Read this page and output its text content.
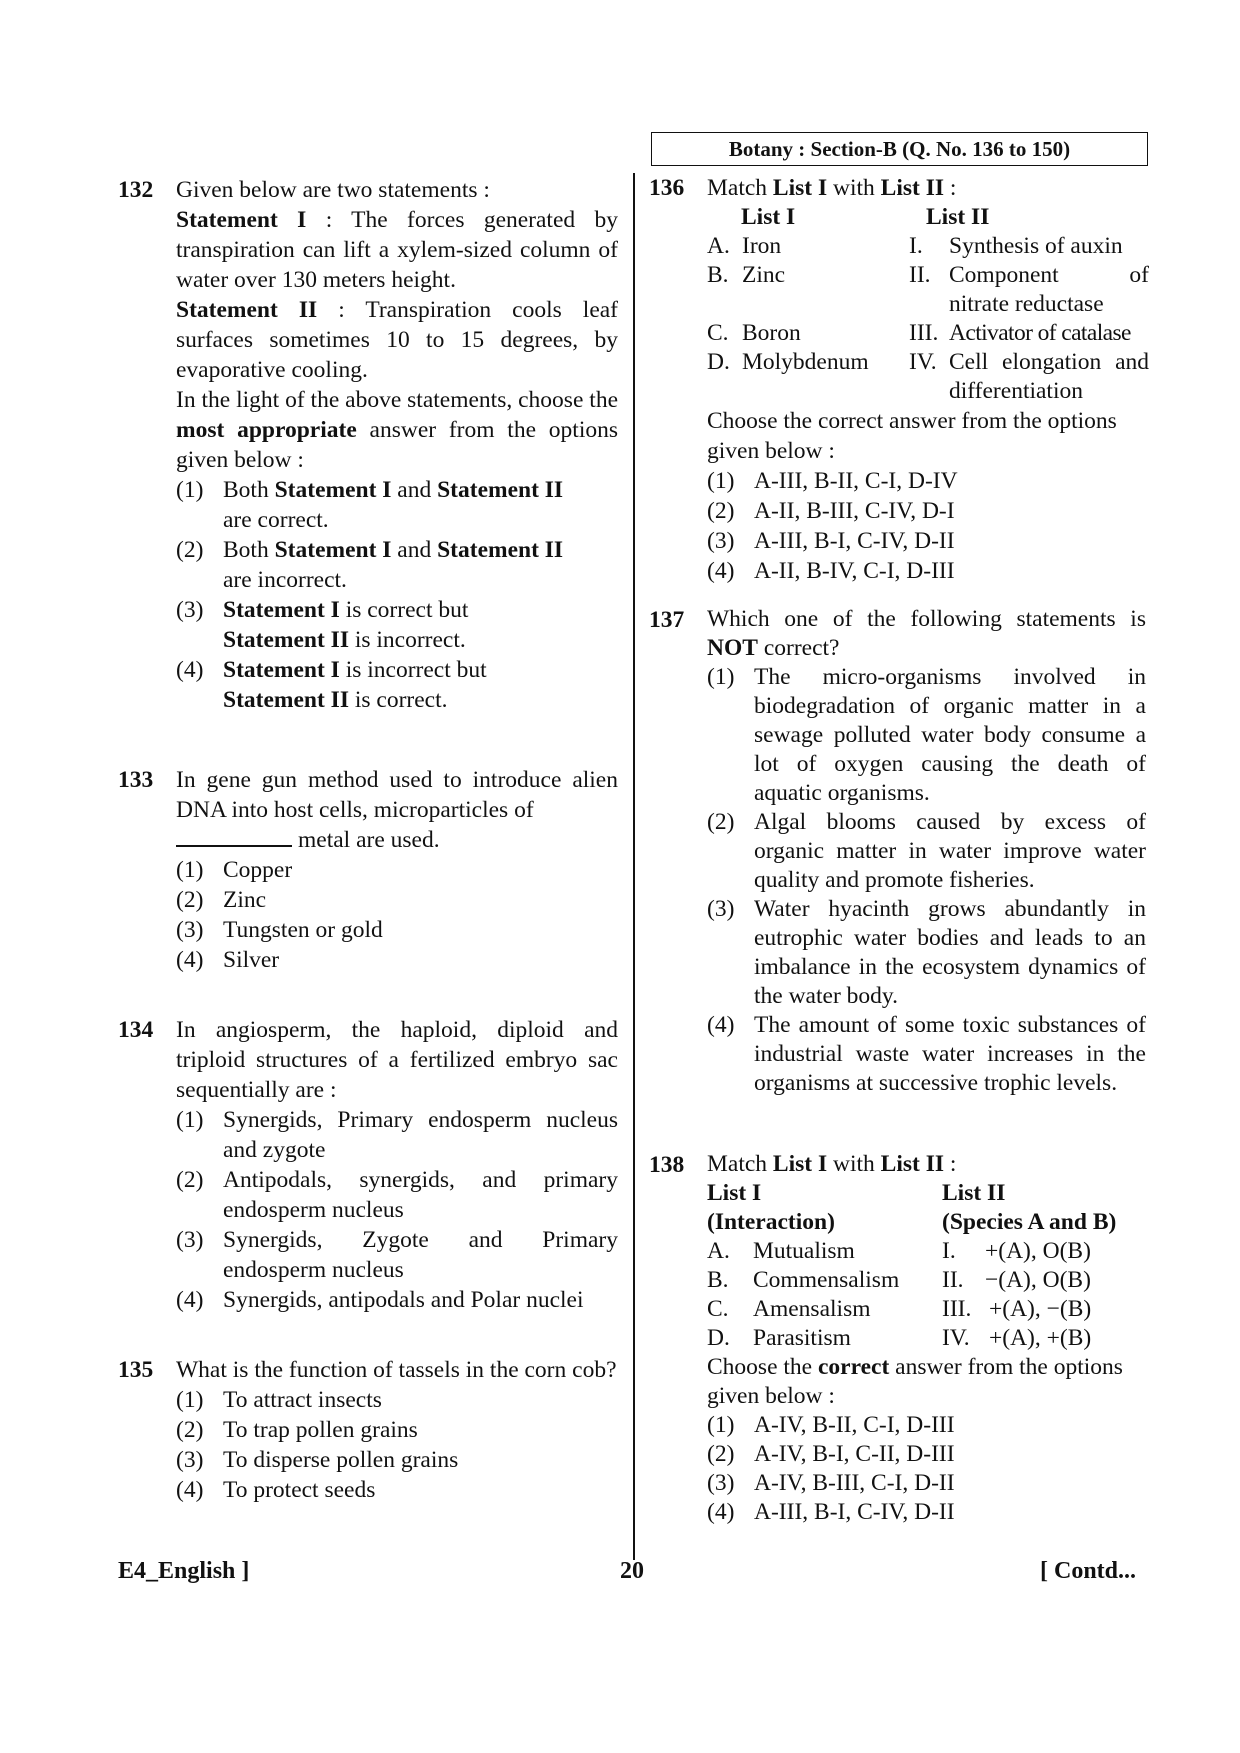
Botany : Section-B (Q. No. 136 to 150)
132 Given below are two statements :

Statement I : The forces generated by transpiration can lift a xylem-sized column of water over 130 meters height.

Statement II : Transpiration cools leaf surfaces sometimes 10 to 15 degrees, by evaporative cooling.

In the light of the above statements, choose the most appropriate answer from the options given below :

(1) Both Statement I and Statement II
are correct.

(2) Both Statement I and Statement II
are incorrect.

(3) Statement I is correct but
Statement II is incorrect.

(4) Statement I is incorrect but
Statement II is correct.

133 In gene gun method used to introduce alien DNA into host cells, microparticles of
metal are used.

(1) Copper

(2) Zinc

(3) Tungsten or gold

(4) Silver

134 In angiosperm, the haploid, diploid and triploid structures of a fertilized embryo sac sequentially are :

(1) Synergids, Primary endosperm nucleus and zygote

(2) Antipodals, synergids, and primary endosperm nucleus

(3) Synergids, Zygote and Primary endosperm nucleus

(4) Synergids, antipodals and Polar nuclei

135 What is the function of tassels in the corn cob?

(1) To attract insects

(2) To trap pollen grains

(3) To disperse pollen grains

(4) To protect seeds

136 Match List I with List II :

List I	List II
A. Iron	I. Synthesis of auxin
B. Zinc	II. Component of nitrate reductase
C. Boron	III. Activator of catalase
D. Molybdenum IV. Cell elongation and differentiation

Choose the correct answer from the options given below :

(1) A-III, B-II, C-I, D-IV

(2) A-II, B-III, C-IV, D-I

(3) A-III, B-I, C-IV, D-II

(4) A-II, B-IV, C-I, D-III

137 Which one of the following statements is NOT correct?

(1) The micro-organisms involved in biodegradation of organic matter in a sewage polluted water body consume a lot of oxygen causing the death of aquatic organisms.

(2) Algal blooms caused by excess of organic matter in water improve water quality and promote fisheries.

(3) Water hyacinth grows abundantly in eutrophic water bodies and leads to an imbalance in the ecosystem dynamics of the water body.

(4) The amount of some toxic substances of industrial waste water increases in the organisms at successive trophic levels.

138 Match List I with List II :

List I	List II
(Interaction)	(Species A and B)
A. Mutualism	I. +(A), O(B)
B. Commensalism II. −(A), O(B)
C. Amensalism	III. +(A), −(B)
D. Parasitism	IV. +(A), +(B)

Choose the correct answer from the options given below :

(1) A-IV, B-II, C-I, D-III

(2) A-IV, B-I, C-II, D-III

(3) A-IV, B-III, C-I, D-II

(4) A-III, B-I, C-IV, D-II

E4_English ]	20	[ Contd...
